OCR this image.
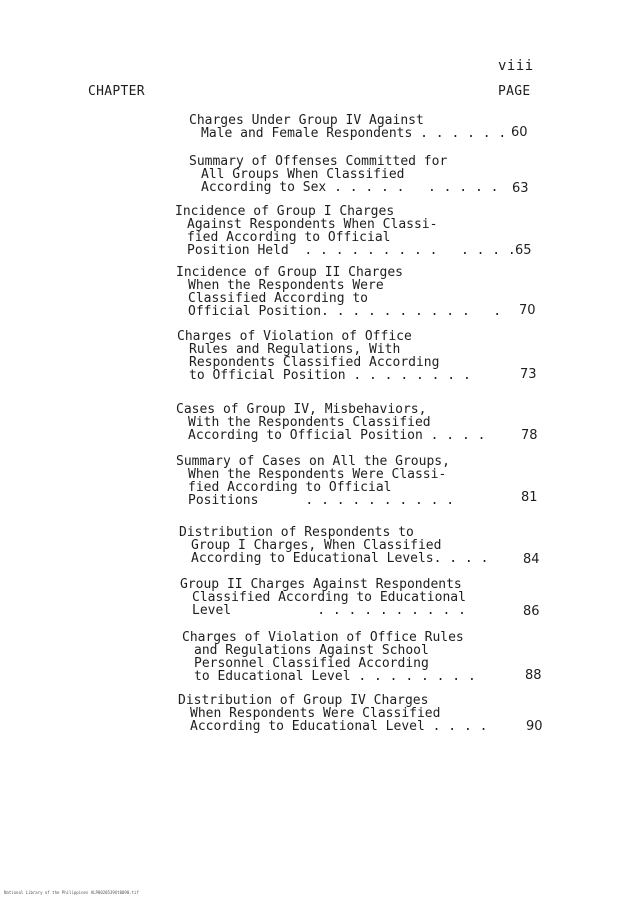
viii
CHAPTER	PAGE
Charges Under Group IV Against
Male and Female Respondents . . . . . . 60
Summary of Offenses Committed for
All Groups When Classified
According to Sex . . . . .   . . . . . 63
Incidence of Group I Charges
Against Respondents When Classi-
fied According to Official
Position Held . . . . . . . . .   . . . . 65
Incidence of Group II Charges
When the Respondents Were
Classified According to
Official Position. . . . . . . . . .   . 70
Charges of Violation of Office
Rules and Regulations, With
Respondents Classified According
to Official Position . . . . . . . .	73
Cases of Group IV, Misbehaviors,
With the Respondents Classified
According to Official Position . . . .	78
Summary of Cases on All the Groups,
When the Respondents Were Classi-
fied According to Official
Positions	. . . . . . . . . .	81
Distribution of Respondents to
Group I Charges, When Classified
According to Educational Levels. . . .	84
Group II Charges Against Respondents
Classified According to Educational
Level	. . . . . . . . . .	86
Charges of Violation of Office Rules
and Regulations Against School
Personnel Classified According
to Educational Level . . . . . . . .	88
Distribution of Group IV Charges
When Respondents Were Classified
According to Educational Level . . . .	90
National Library of the Philippines ALP0020539Xt0090.tif
